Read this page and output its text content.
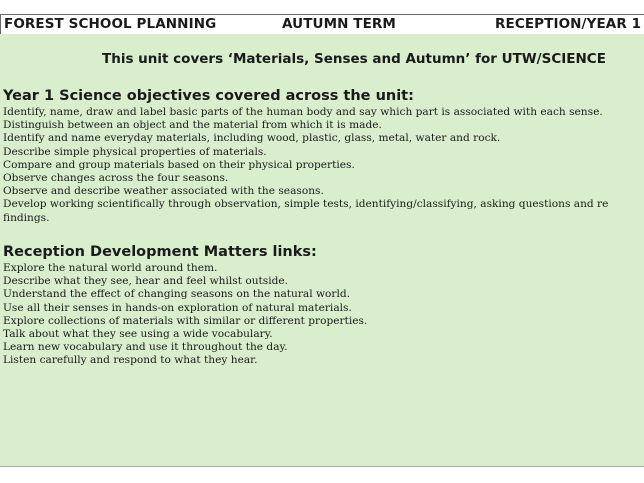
FOREST SCHOOL PLANNING	AUTUMN TERM	RECEPTION/YEAR 1
This unit covers ‘Materials, Senses and Autumn’ for UTW/SCIENCE
Year 1 Science objectives covered across the unit:
Identify, name, draw and label basic parts of the human body and say which part is associated with each sense.
Distinguish between an object and the material from which it is made.
Identify and name everyday materials, including wood, plastic, glass, metal, water and rock.
Describe simple physical properties of materials.
Compare and group materials based on their physical properties.
Observe changes across the four seasons.
Observe and describe weather associated with the seasons.
Develop working scientifically through observation, simple tests, identifying/classifying, asking questions and re
findings.
Reception Development Matters links:
Explore the natural world around them.
Describe what they see, hear and feel whilst outside.
Understand the effect of changing seasons on the natural world.
Use all their senses in hands-on exploration of natural materials.
Explore collections of materials with similar or different properties.
Talk about what they see using a wide vocabulary.
Learn new vocabulary and use it throughout the day.
Listen carefully and respond to what they hear.
